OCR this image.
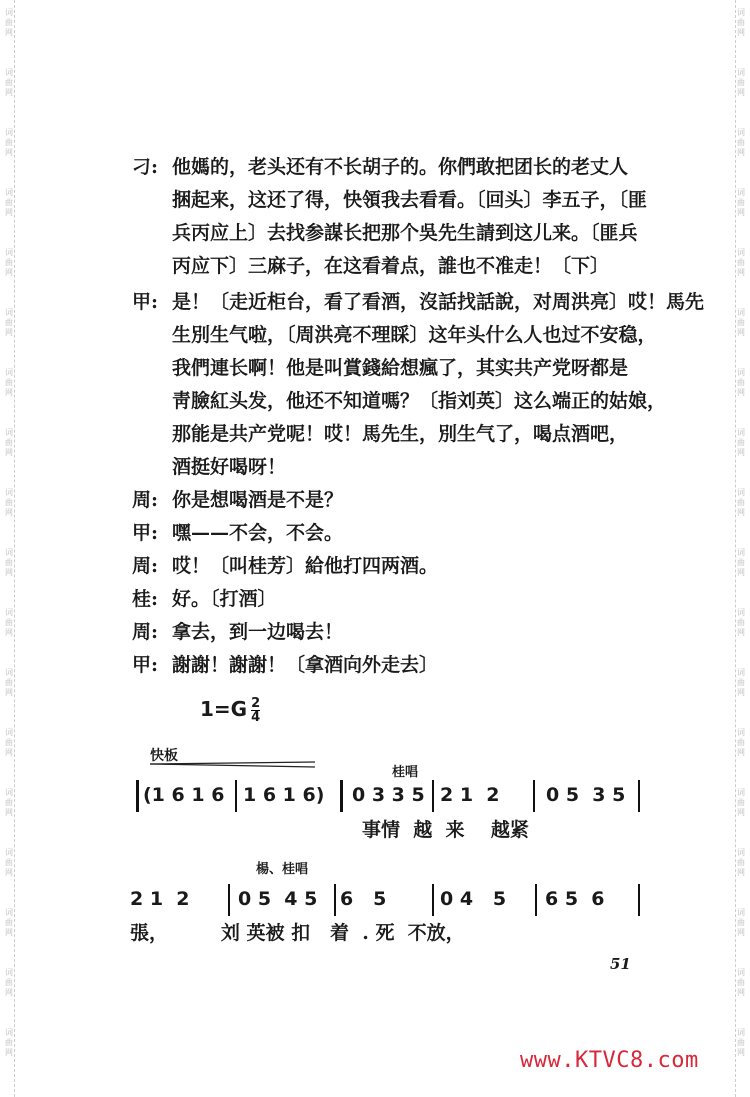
词
曲
网
词
曲
网
词
曲
网
词
曲
网
词
曲
网
词
曲
网
词
曲
网
词
曲
网
词
曲
网
词
曲
网
词
曲
网
词
曲
网
词
曲
网
词
曲
网
词
曲
网
词
曲
网
词
曲
网
词
曲
网
词
曲
网
词
曲
网
词
曲
网
词
曲
网
词
曲
网
词
曲
网
词
曲
网
词
曲
网
词
曲
网
词
曲
网
词
曲
网
词
曲
网
词
曲
网
词
曲
网
词
曲
网
词
曲
网
词
曲
网
词
曲
网
刁: 他媽的，老头还有不长胡子的。你們敢把团长的老丈人
捆起来，这还了得，快領我去看看。〔回头〕李五子，〔匪
兵丙应上〕去找参謀长把那个吳先生請到这儿来。〔匪兵
丙应下〕三麻子，在这看着点，誰也不准走！〔下〕
甲: 是！〔走近柜台，看了看酒，沒話找話說，对周洪亮〕哎！馬先
生別生气啦，〔周洪亮不理睬〕这年头什么人也过不安稳，
我們連长啊！他是叫賞錢給想瘋了，其实共产党呀都是
靑臉紅头发，他还不知道嗎？〔指刘英〕这么端正的姑娘，
那能是共产党呢！哎！馬先生，別生气了，喝点酒吧，
酒挺好喝呀！
周: 你是想喝酒是不是？
甲: 嘿——不会，不会。
周: 哎！〔叫桂芳〕給他打四两酒。
桂: 好。〔打酒〕
周: 拿去，到一边喝去！
甲: 謝謝！謝謝！〔拿酒向外走去〕
$1=G \frac{2}{4}$
快板
桂唱
(1 6 1 6 1 6 1 6) 0 3 3 5 2 1  2 0 5  3 5
事情  越  来    越紧
楊、桂唱
2 1  2	0 5  4 5 6   5	0 4   5 6 5  6
張，        刘 英被 扣   着  . 死  不放，
51
www.KTVC8.com
